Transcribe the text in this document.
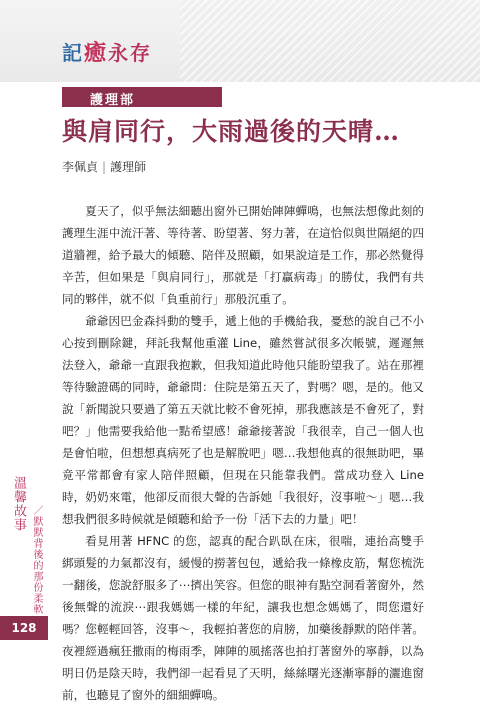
記癒永存
護理部
與肩同行，大雨過後的天晴…
李佩貞 | 護理師

夏天了，似乎無法細聽出窗外已開始陣陣蟬鳴，也無法想像此刻的護理生涯中流汗著、等待著、盼望著、努力著，在這恰似與世隔絕的四道牆裡，給予最大的傾聽、陪伴及照顧，如果說這是工作，那必然覺得辛苦，但如果是「與肩同行」，那就是「打贏病毒」的勝仗，我們有共同的夥伴，就不似「負重前行」那般沉重了。

爺爺因巴金森抖動的雙手，遞上他的手機給我，憂愁的說自己不小心按到刪除鍵，拜託我幫他重灌 Line，雖然嘗試很多次帳號，遲遲無法登入，爺爺一直跟我抱歉，但我知道此時他只能盼望我了。站在那裡等待驗證碼的同時，爺爺問：住院是第五天了，對嗎？嗯，是的。他又說「新聞說只要過了第五天就比較不會死掉，那我應該是不會死了，對吧？」他需要我給他一點希望感！爺爺接著說「我很幸，自己一個人也是會怕啦，但想想真病死了也是解脫吧」嗯…我想他真的很無助吧，畢竟平常都會有家人陪伴照顧，但現在只能靠我們。當成功登入 Line 時，奶奶來電，他卻反而很大聲的告訴她「我很好，沒事啦～」嗯…我想我們很多時候就是傾聽和給予一份「活下去的力量」吧！

看見用著 HFNC 的您，認真的配合趴臥在床，很喘，連抬高雙手綁頭髮的力氣都沒有，緩慢的撈著包包，遞給我一條橡皮筋，幫您梳洗一翻後，您說舒服多了⋯擠出笑容。但您的眼神有點空洞看著窗外，然後無聲的流淚⋯跟我媽媽一樣的年紀，讓我也想念媽媽了，問您還好嗎？您輕輕回答，沒事～，我輕拍著您的肩膀，加藥後靜默的陪伴著。夜裡經過瘋狂撒雨的梅雨季，陣陣的風搖落也拍打著窗外的寧靜，以為明日仍是陰天時，我們卻一起看見了天明，絲絲曙光逐漸寧靜的灑進窗前，也聽見了窗外的細細蟬鳴。

溫馨故事
／默默背後的那份柔軟
128
